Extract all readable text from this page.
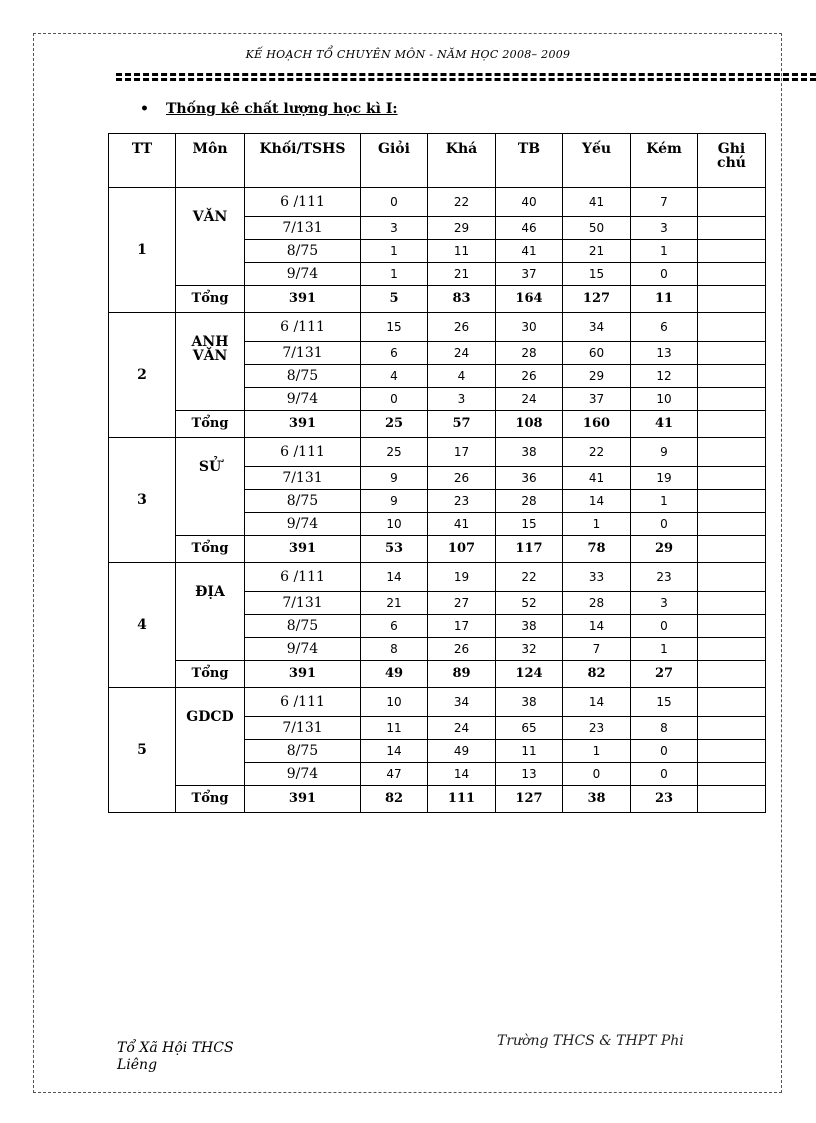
KẾ HOẠCH TỔ CHUYÊN MÔN - NĂM HỌC 2008– 2009
• Thống kê chất lượng học kì I:
TT	Môn	Khối/TSHS	Giỏi	Khá	TB	Yếu	Kém	Ghi chú
1	VĂN	6 /111	0	22	40	41	7	
		7/131	3	29	46	50	3	
		8/75	1	11	41	21	1	
		9/74	1	21	37	15	0	
	Tổng	391	5	83	164	127	11	
2	ANH VĂN	6 /111	15	26	30	34	6	
		7/131	6	24	28	60	13	
		8/75	4	4	26	29	12	
		9/74	0	3	24	37	10	
	Tổng	391	25	57	108	160	41	
3	SỬ	6 /111	25	17	38	22	9	
		7/131	9	26	36	41	19	
		8/75	9	23	28	14	1	
		9/74	10	41	15	1	0	
	Tổng	391	53	107	117	78	29	
4	ĐỊA	6 /111	14	19	22	33	23	
		7/131	21	27	52	28	3	
		8/75	6	17	38	14	0	
		9/74	8	26	32	7	1	
	Tổng	391	49	89	124	82	27	
5	GDCD	6 /111	10	34	38	14	15	
		7/131	11	24	65	23	8	
		8/75	14	49	11	1	0	
		9/74	47	14	13	0	0	
	Tổng	391	82	111	127	38	23	
Tổ Xã Hội THCS
Liêng
Trường THCS & THPT Phi
